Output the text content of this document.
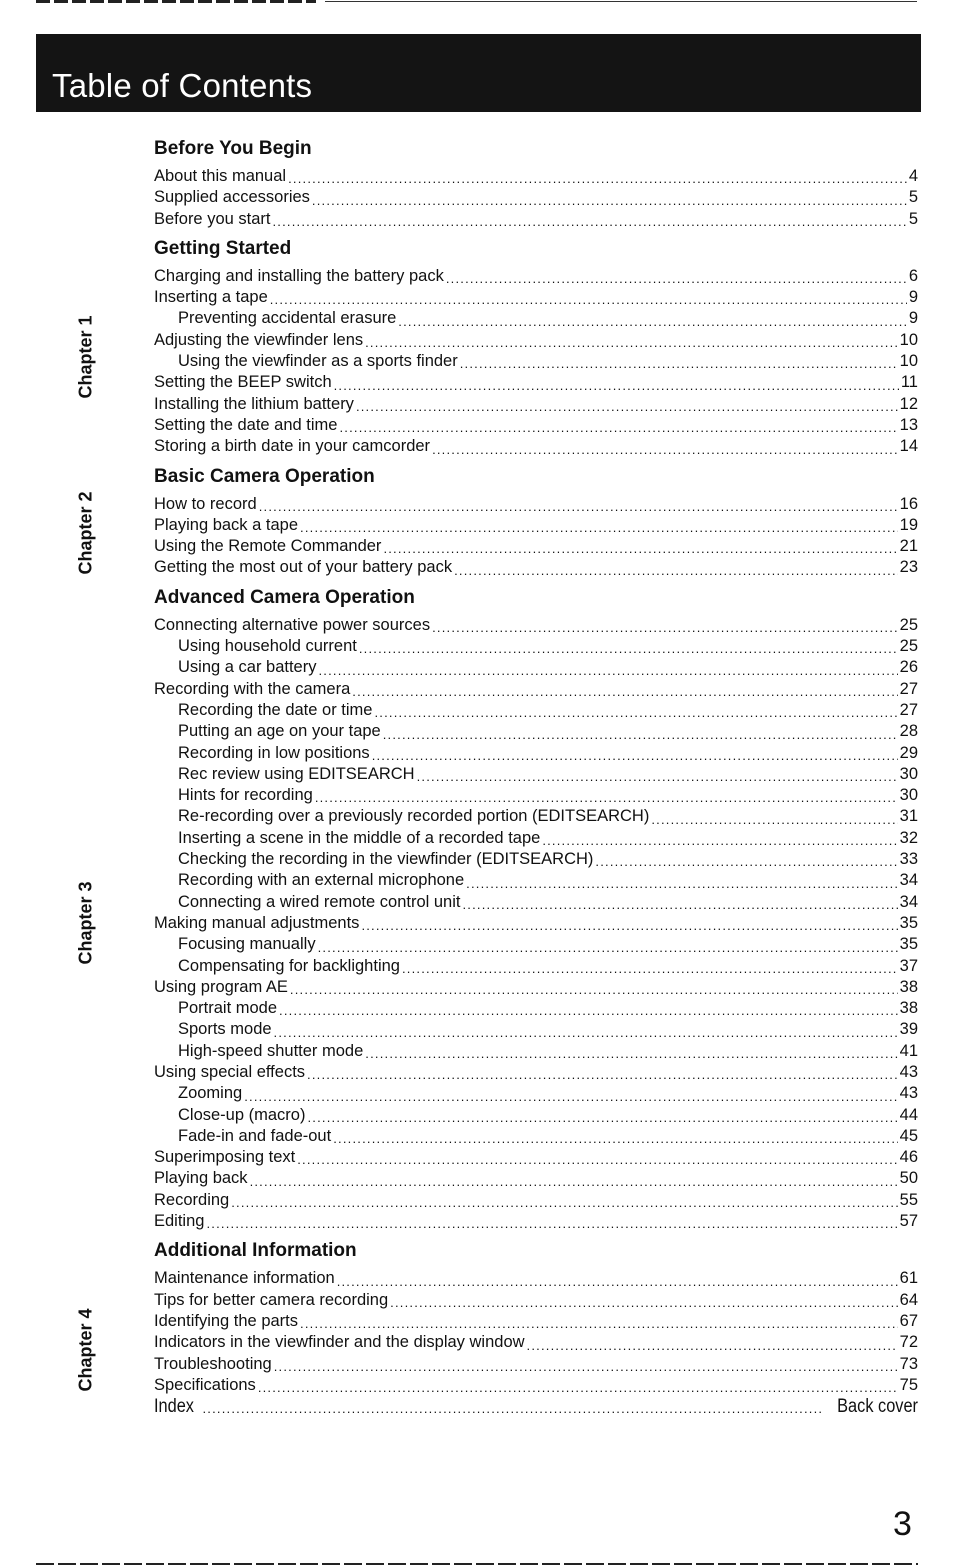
Table of Contents
Chapter 1
Chapter 2
Chapter 3
Chapter 4
Before You Begin
About this manual .....	4
Supplied accessories .....	5
Before you start .....	5
Getting Started
Charging and installing the battery pack .....	6
Inserting a tape .....	9
Preventing accidental erasure .....	9
Adjusting the viewfinder lens .....	10
Using the viewfinder as a sports finder .....	10
Setting the BEEP switch .....	11
Installing the lithium battery .....	12
Setting the date and time .....	13
Storing a birth date in your camcorder .....	14
Basic Camera Operation
How to record .....	16
Playing back a tape .....	19
Using the Remote Commander .....	21
Getting the most out of your battery pack .....	23
Advanced Camera Operation
Connecting alternative power sources .....	25
Using household current .....	25
Using a car battery .....	26
Recording with the camera .....	27
Recording the date or time .....	27
Putting an age on your tape .....	28
Recording in low positions .....	29
Rec review using EDITSEARCH .....	30
Hints for recording .....	30
Re-recording over a previously recorded portion (EDITSEARCH) .....	31
Inserting a scene in the middle of a recorded tape .....	32
Checking the recording in the viewfinder (EDITSEARCH) .....	33
Recording with an external microphone .....	34
Connecting a wired remote control unit .....	34
Making manual adjustments .....	35
Focusing manually .....	35
Compensating for backlighting .....	37
Using program AE .....	38
Portrait mode .....	38
Sports mode .....	39
High-speed shutter mode .....	41
Using special effects .....	43
Zooming .....	43
Close-up (macro) .....	44
Fade-in and fade-out .....	45
Superimposing text .....	46
Playing back .....	50
Recording .....	55
Editing .....	57
Additional Information
Maintenance information .....	61
Tips for better camera recording .....	64
Identifying the parts .....	67
Indicators in the viewfinder and the display window .....	72
Troubleshooting .....	73
Specifications .....	75
Index .....	Back cover
3
